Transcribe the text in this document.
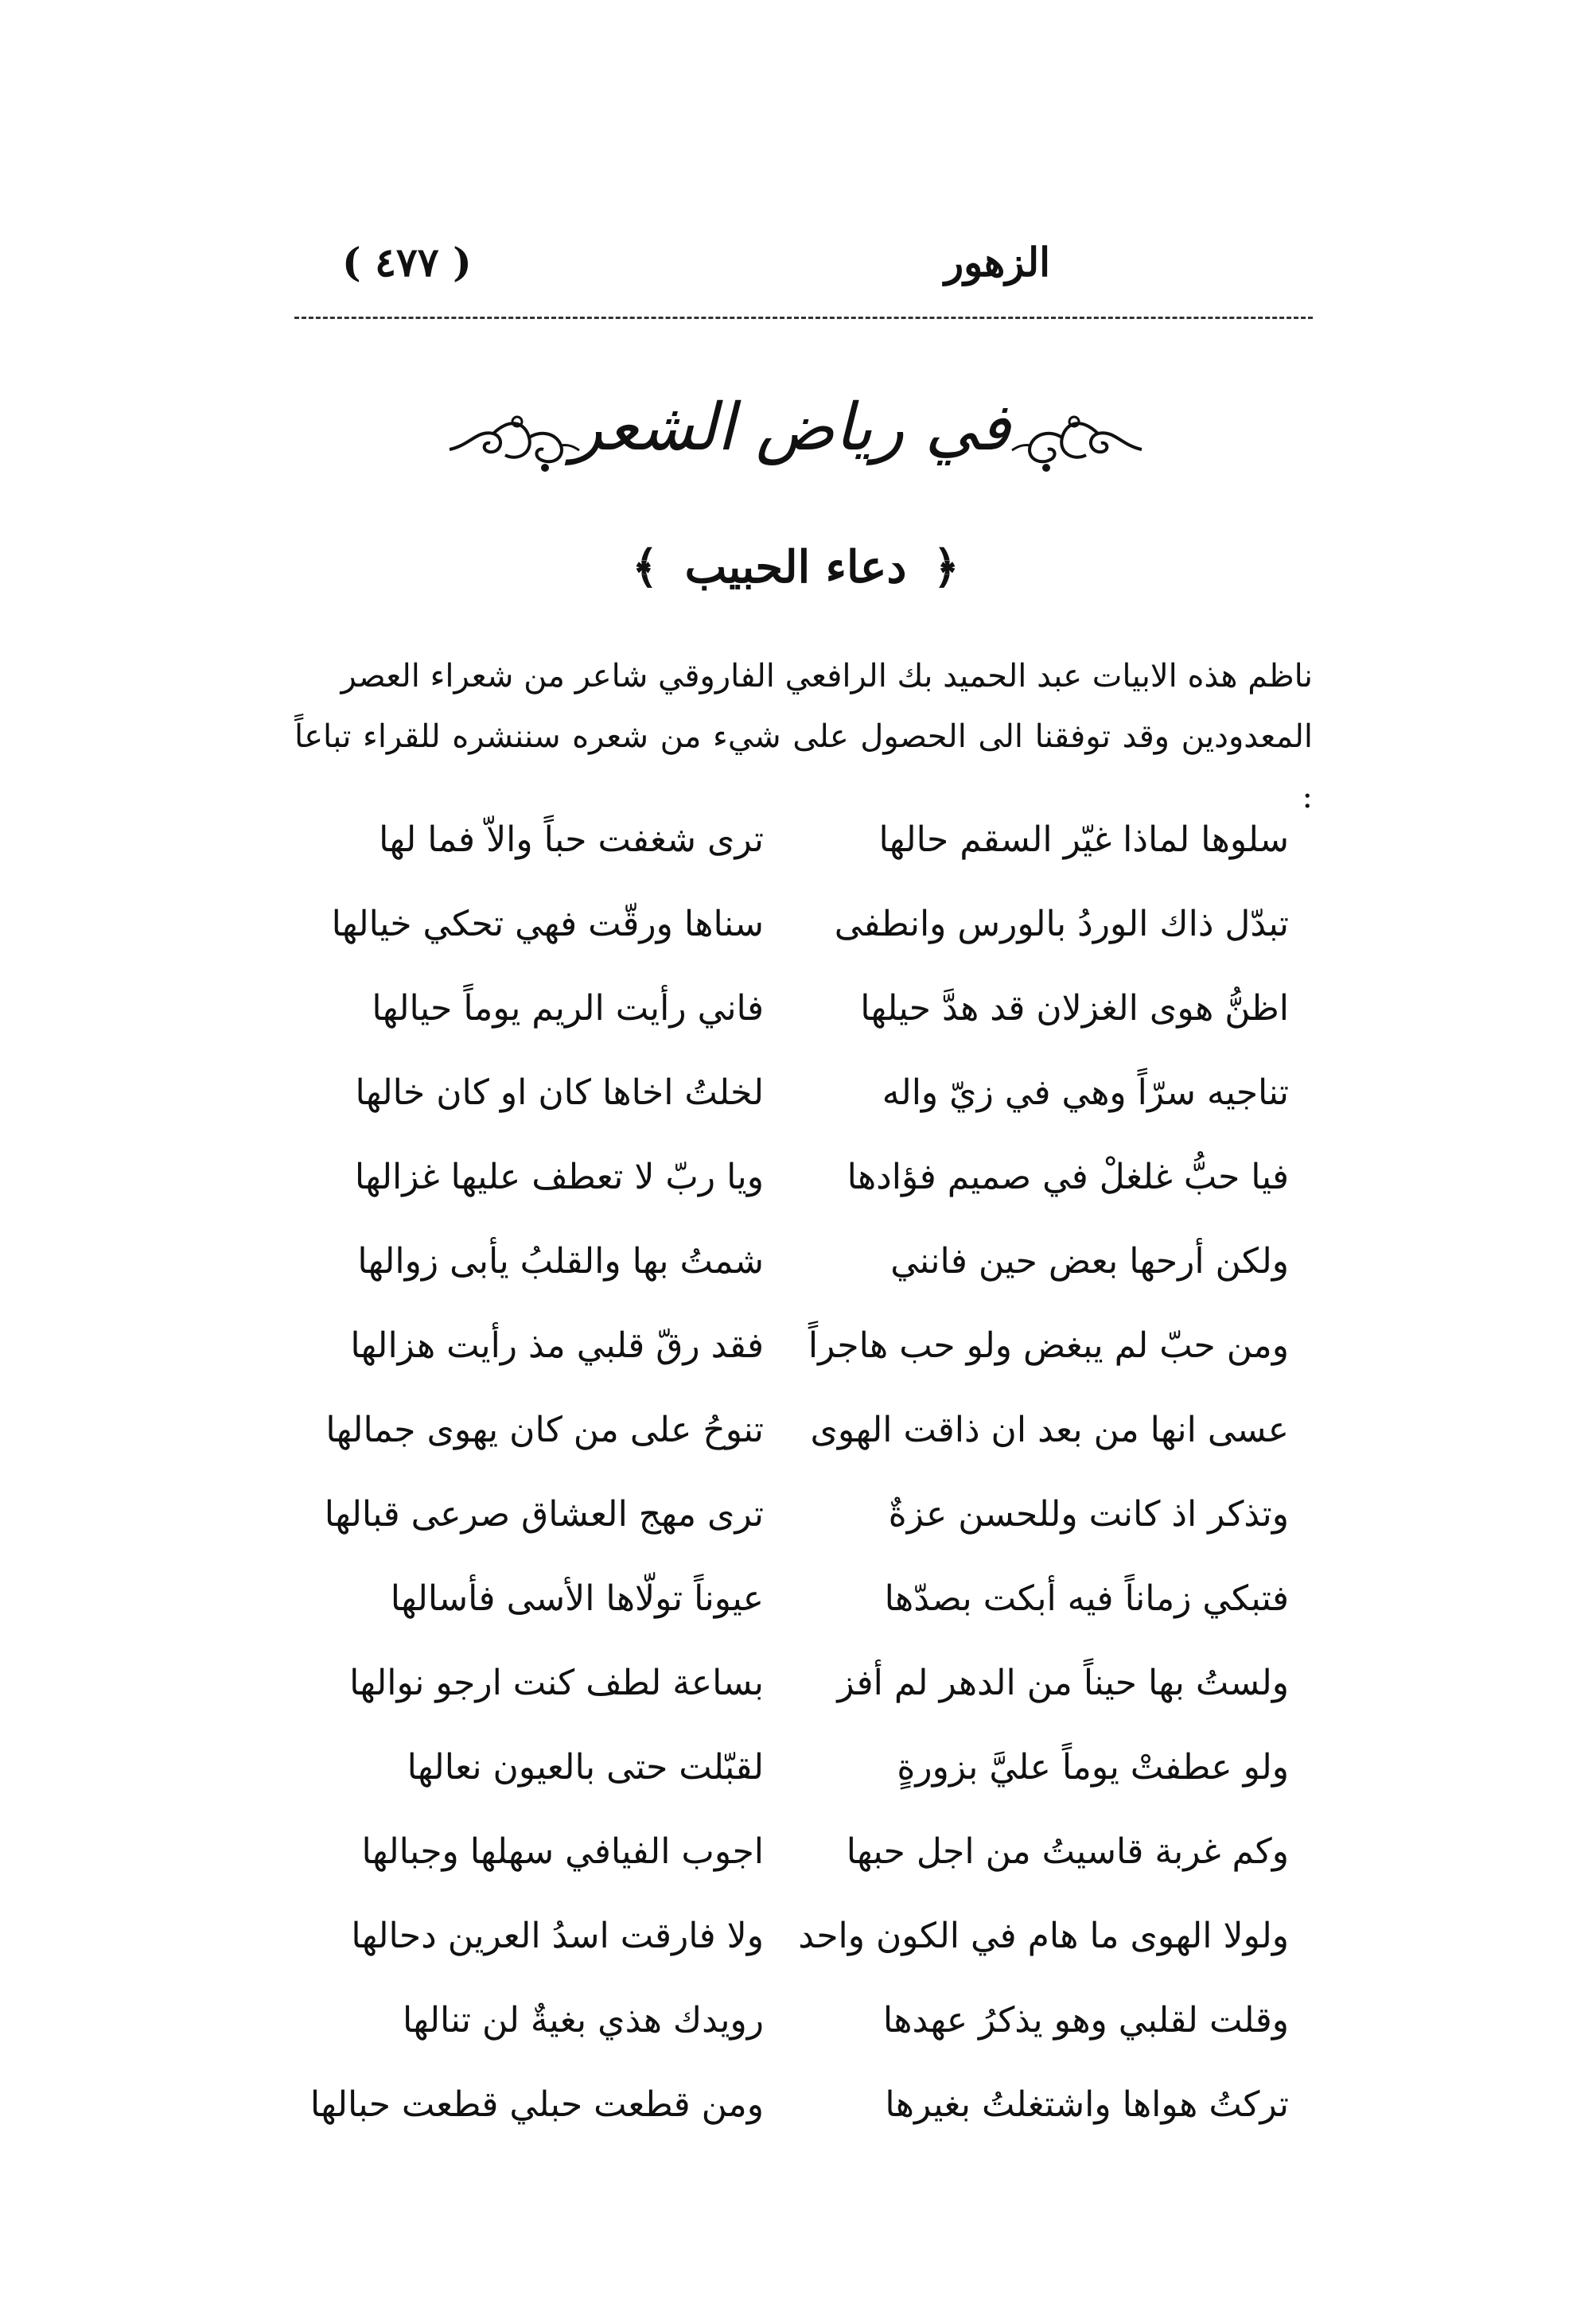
الزهور
( ٤٧٧ )
في رياض الشعر
﴿ دعاء الحبيب ﴾

ناظم هذه الابيات عبد الحميد بك الرافعي الفاروقي شاعر من شعراء العصر

المعدودين وقد توفقنا الى الحصول على شيء من شعره سننشره للقراء تباعاً :

سلوها لماذا غيّر السقم حالها
ترى شغفت حباً والاّ فما لها
تبدّل ذاك الوردُ بالورس وانطفى
سناها ورقّت فهي تحكي خيالها
اظنُّ هوى الغزلان قد هدَّ حيلها
فاني رأيت الريم يوماً حيالها
تناجيه سرّاً وهي في زيّ واله
لخلتُ اخاها كان او كان خالها
فيا حبُّ غلغلْ في صميم فؤادها
ويا ربّ لا تعطف عليها غزالها
ولكن أرحها بعض حين فانني
شمتُ بها والقلبُ يأبى زوالها
ومن حبّ لم يبغض ولو حب هاجراً
فقد رقّ قلبي مذ رأيت هزالها
عسى انها من بعد ان ذاقت الهوى
تنوحُ على من كان يهوى جمالها
وتذكر اذ كانت وللحسن عزةٌ
ترى مهج العشاق صرعى قبالها
فتبكي زماناً فيه أبكت بصدّها
عيوناً تولّاها الأسى فأسالها
ولستُ بها حيناً من الدهر لم أفز
بساعة لطف كنت ارجو نوالها
ولو عطفتْ يوماً عليَّ بزورةٍ
لقبّلت حتى بالعيون نعالها
وكم غربة قاسيتُ من اجل حبها
اجوب الفيافي سهلها وجبالها
ولولا الهوى ما هام في الكون واحد
ولا فارقت اسدُ العرين دحالها
وقلت لقلبي وهو يذكرُ عهدها
رويدك هذي بغيةٌ لن تنالها
تركتُ هواها واشتغلتُ بغيرها
ومن قطعت حبلي قطعت حبالها
